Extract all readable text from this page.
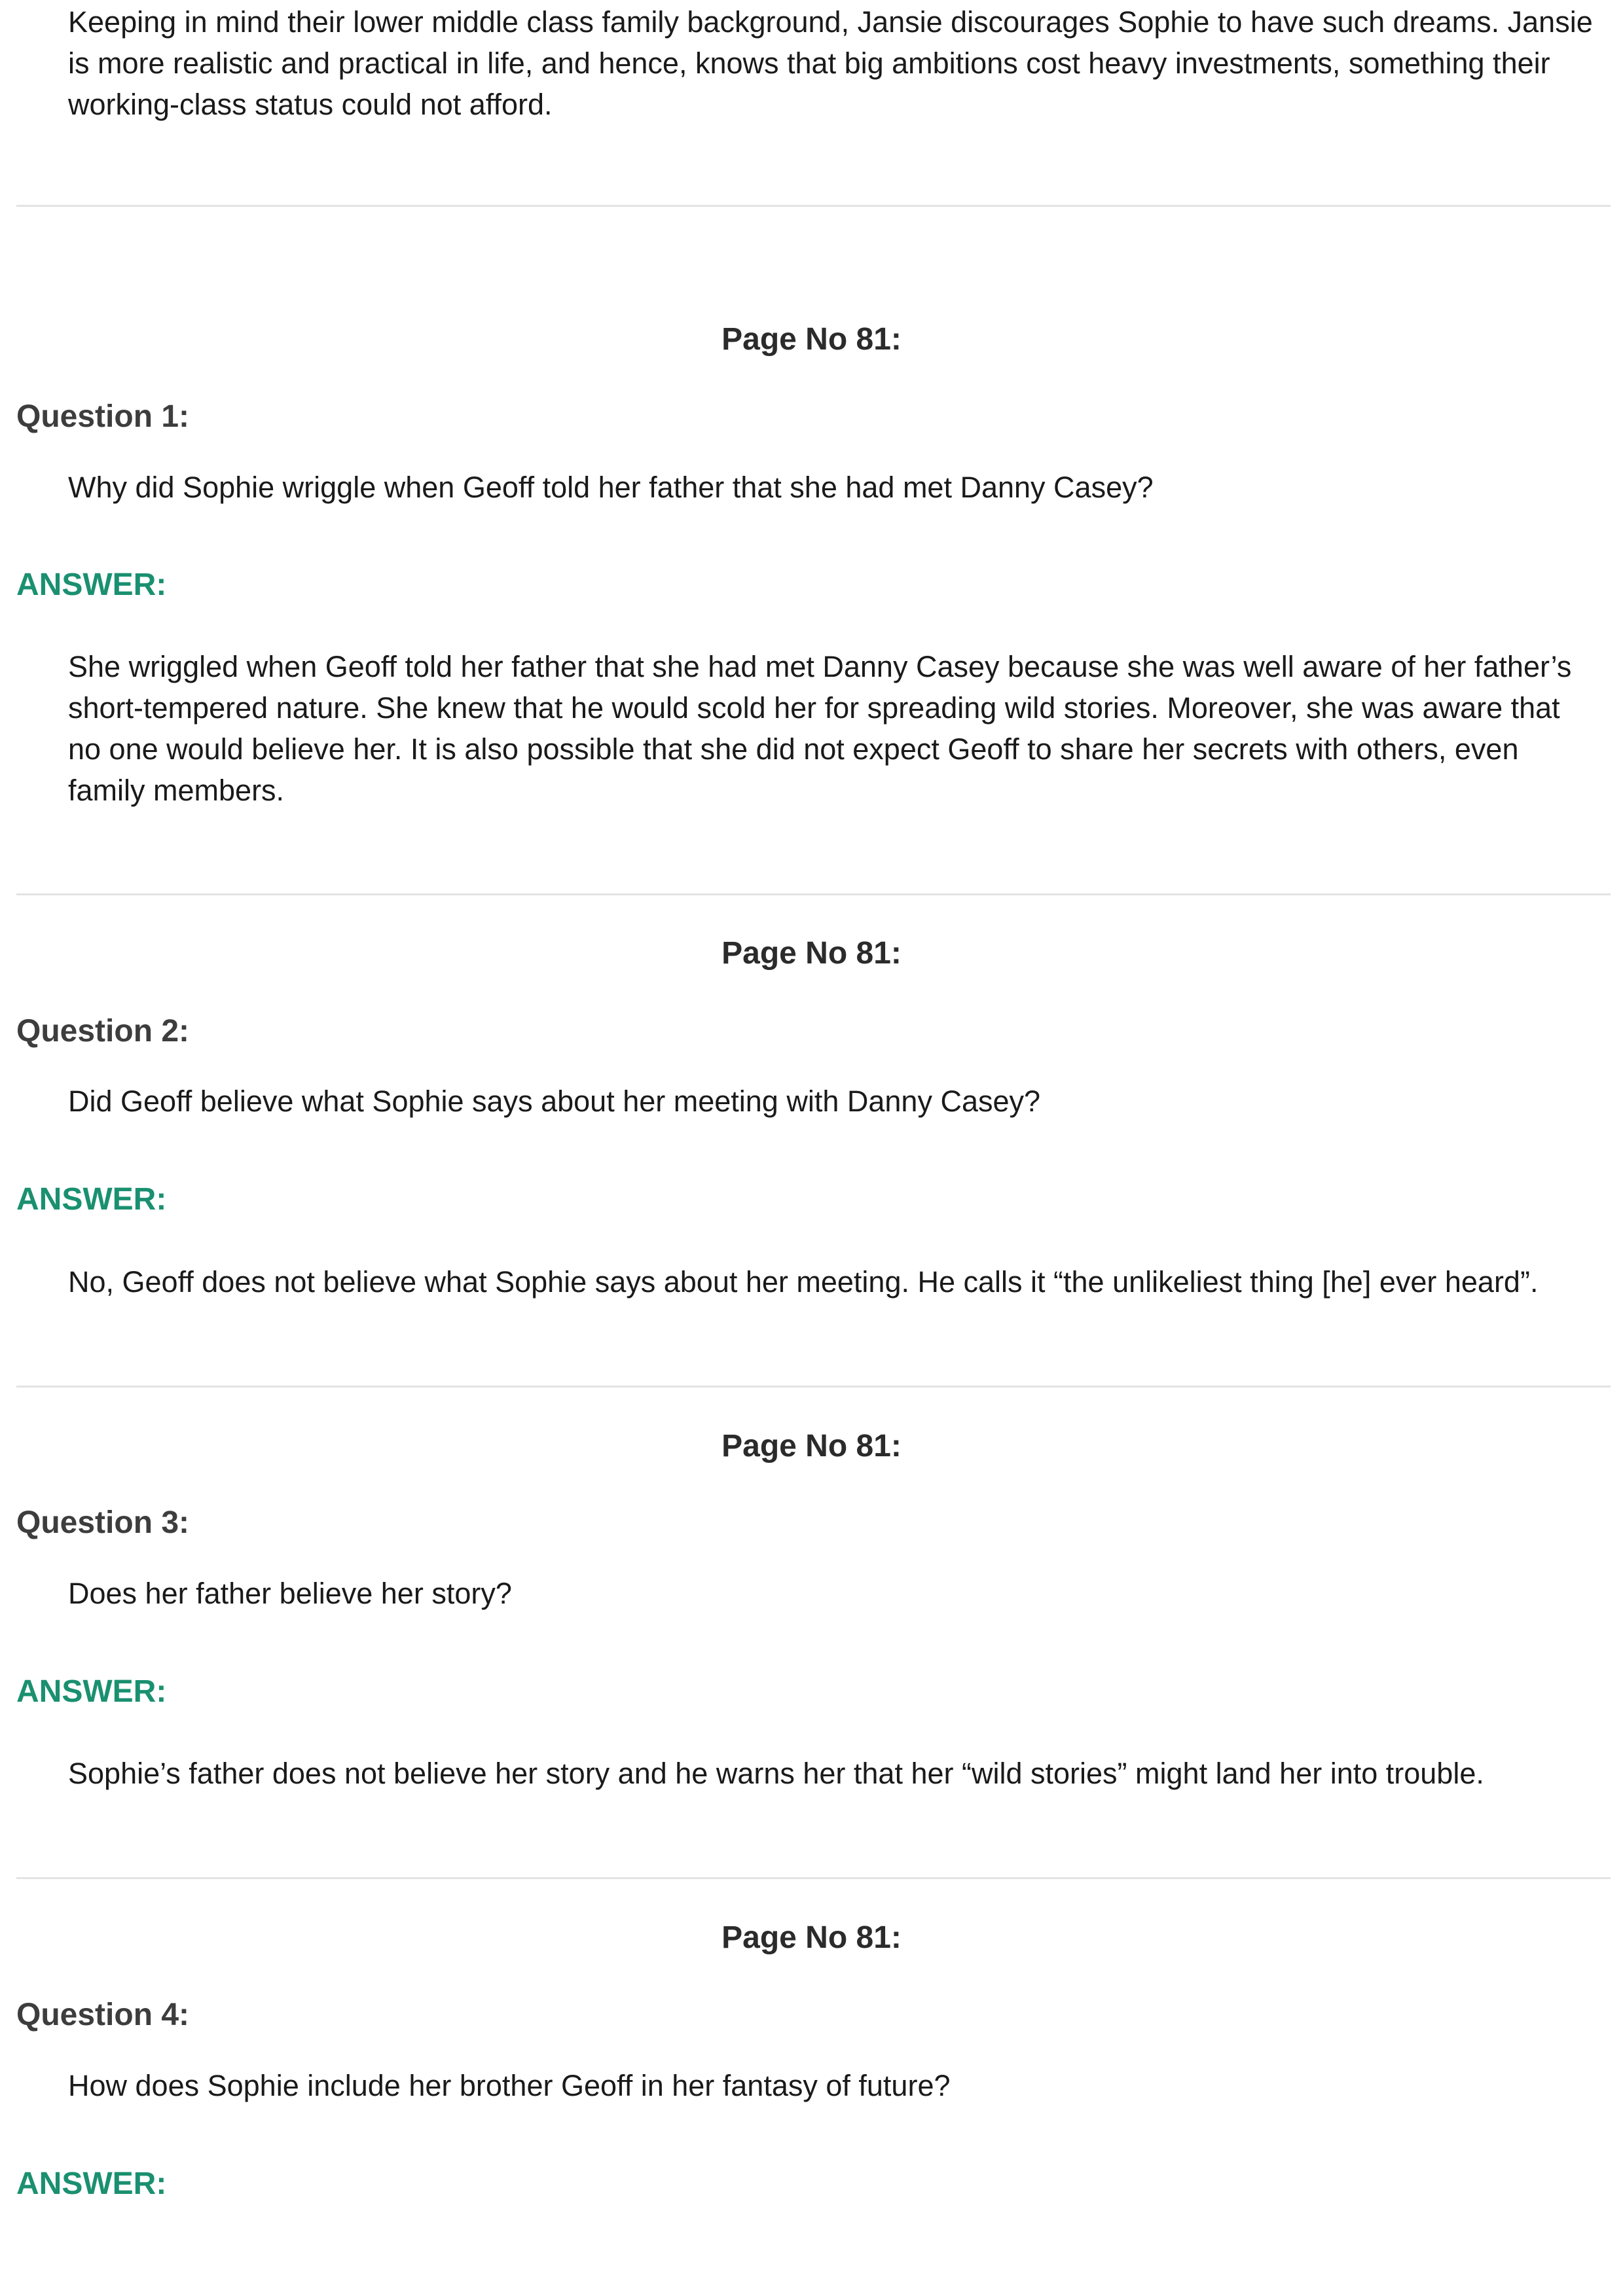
Keeping in mind their lower middle class family background, Jansie discourages Sophie to have such dreams. Jansie is more realistic and practical in life, and hence, knows that big ambitions cost heavy investments, something their working-class status could not afford.

Page No 81:
Question 1:

Why did Sophie wriggle when Geoff told her father that she had met Danny Casey?

ANSWER:

She wriggled when Geoff told her father that she had met Danny Casey because she was well aware of her father’s short-tempered nature. She knew that he would scold her for spreading wild stories. Moreover, she was aware that no one would believe her. It is also possible that she did not expect Geoff to share her secrets with others, even family members.

Page No 81:
Question 2:

Did Geoff believe what Sophie says about her meeting with Danny Casey?

ANSWER:

No, Geoff does not believe what Sophie says about her meeting. He calls it “the unlikeliest thing [he] ever heard”.

Page No 81:
Question 3:

Does her father believe her story?

ANSWER:

Sophie’s father does not believe her story and he warns her that her “wild stories” might land her into trouble.

Page No 81:
Question 4:

How does Sophie include her brother Geoff in her fantasy of future?

ANSWER:
